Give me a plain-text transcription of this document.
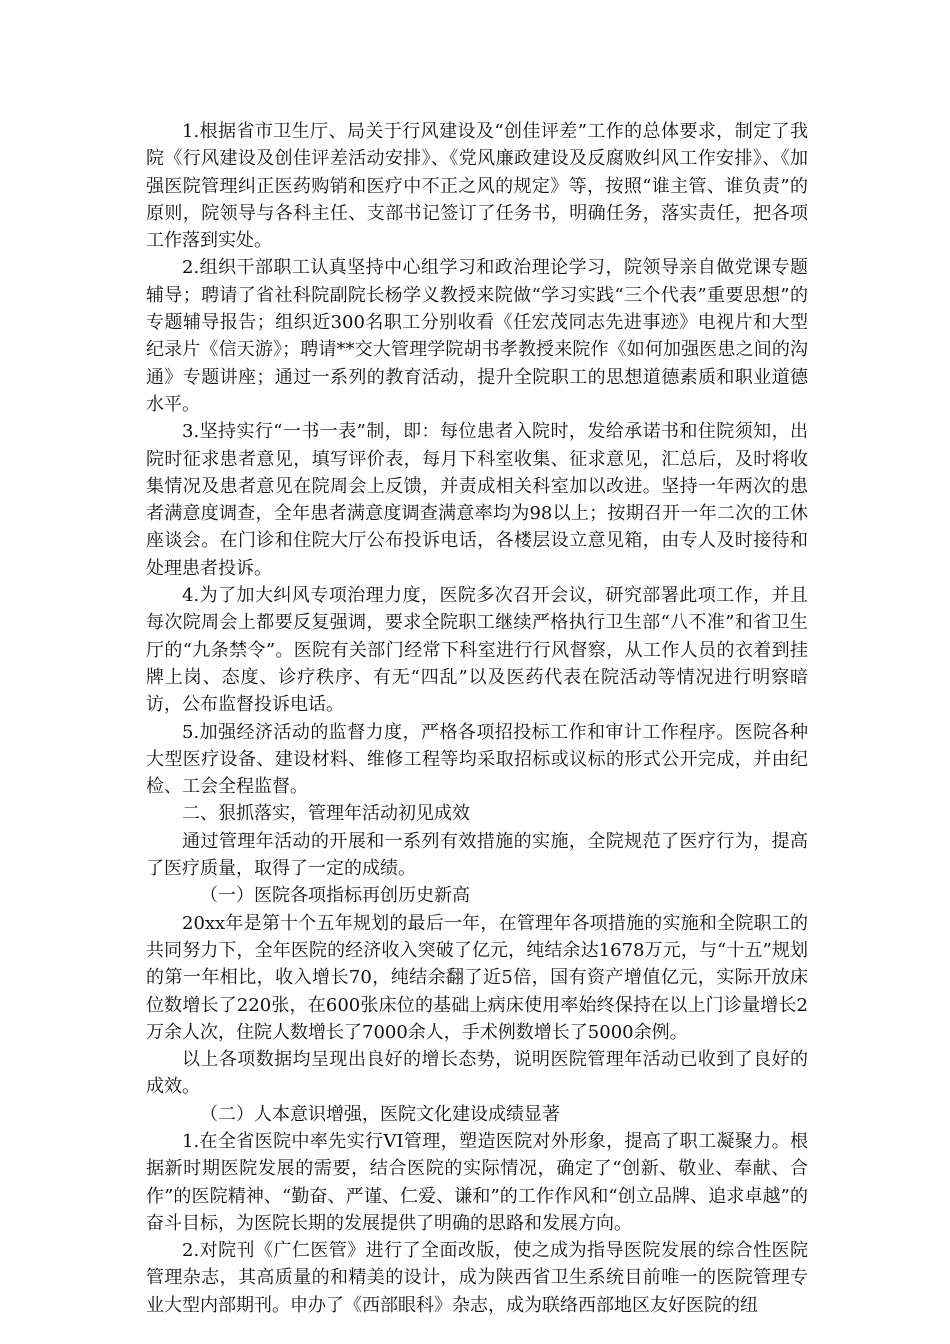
1.根据省市卫生厅、局关于行风建设及“创佳评差”工作的总体要求，制定了我院《行风建设及创佳评差活动安排》、《党风廉政建设及反腐败纠风工作安排》、《加强医院管理纠正医药购销和医疗中不正之风的规定》等，按照“谁主管、谁负责”的原则，院领导与各科主任、支部书记签订了任务书，明确任务，落实责任，把各项工作落到实处。

2.组织干部职工认真坚持中心组学习和政治理论学习，院领导亲自做党课专题辅导；聘请了省社科院副院长杨学义教授来院做“学习实践“三个代表”重要思想”的专题辅导报告；组织近300名职工分别收看《任宏茂同志先进事迹》电视片和大型纪录片《信天游》；聘请**交大管理学院胡书孝教授来院作《如何加强医患之间的沟通》专题讲座；通过一系列的教育活动，提升全院职工的思想道德素质和职业道德水平。

3.坚持实行“一书一表”制，即：每位患者入院时，发给承诺书和住院须知，出院时征求患者意见，填写评价表，每月下科室收集、征求意见，汇总后，及时将收集情况及患者意见在院周会上反馈，并责成相关科室加以改进。坚持一年两次的患者满意度调查，全年患者满意度调查满意率均为98以上；按期召开一年二次的工休座谈会。在门诊和住院大厅公布投诉电话，各楼层设立意见箱，由专人及时接待和处理患者投诉。

4.为了加大纠风专项治理力度，医院多次召开会议，研究部署此项工作，并且每次院周会上都要反复强调，要求全院职工继续严格执行卫生部“八不准”和省卫生厅的“九条禁令”。医院有关部门经常下科室进行行风督察，从工作人员的衣着到挂牌上岗、态度、诊疗秩序、有无“四乱”以及医药代表在院活动等情况进行明察暗访，公布监督投诉电话。

5.加强经济活动的监督力度，严格各项招投标工作和审计工作程序。医院各种大型医疗设备、建设材料、维修工程等均采取招标或议标的形式公开完成，并由纪检、工会全程监督。

二、狠抓落实，管理年活动初见成效

通过管理年活动的开展和一系列有效措施的实施，全院规范了医疗行为，提高了医疗质量，取得了一定的成绩。

（一）医院各项指标再创历史新高

20xx年是第十个五年规划的最后一年，在管理年各项措施的实施和全院职工的共同努力下，全年医院的经济收入突破了亿元，纯结余达1678万元，与“十五”规划的第一年相比，收入增长70，纯结余翻了近5倍，国有资产增值亿元，实际开放床位数增长了220张，在600张床位的基础上病床使用率始终保持在以上门诊量增长2万余人次，住院人数增长了7000余人，手术例数增长了5000余例。

以上各项数据均呈现出良好的增长态势，说明医院管理年活动已收到了良好的成效。

（二）人本意识增强，医院文化建设成绩显著

1.在全省医院中率先实行VI管理，塑造医院对外形象，提高了职工凝聚力。根据新时期医院发展的需要，结合医院的实际情况，确定了“创新、敬业、奉献、合作”的医院精神、“勤奋、严谨、仁爱、谦和”的工作作风和“创立品牌、追求卓越”的奋斗目标，为医院长期的发展提供了明确的思路和发展方向。

2.对院刊《广仁医管》进行了全面改版，使之成为指导医院发展的综合性医院管理杂志，其高质量的和精美的设计，成为陕西省卫生系统目前唯一的医院管理专业大型内部期刊。申办了《西部眼科》杂志，成为联络西部地区友好医院的纽
